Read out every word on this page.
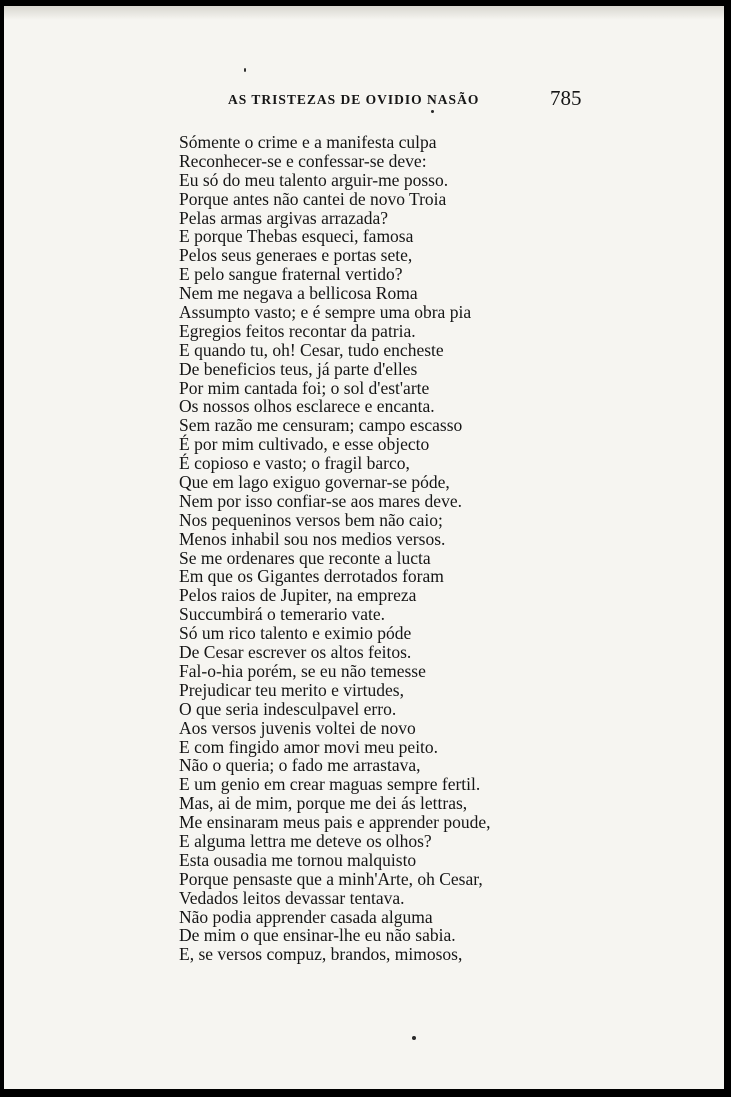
AS TRISTEZAS DE OVIDIO NASÃO	785
Sómente o crime e a manifesta culpa
Reconhecer-se e confessar-se deve:
Eu só do meu talento arguir-me posso.
Porque antes não cantei de novo Troia
Pelas armas argivas arrazada?
E porque Thebas esqueci, famosa
Pelos seus generaes e portas sete,
E pelo sangue fraternal vertido?
Nem me negava a bellicosa Roma
Assumpto vasto; e é sempre uma obra pia
Egregios feitos recontar da patria.
E quando tu, oh! Cesar, tudo encheste
De beneficios teus, já parte d'elles
Por mim cantada foi; o sol d'est'arte
Os nossos olhos esclarece e encanta.
Sem razão me censuram; campo escasso
É por mim cultivado, e esse objecto
É copioso e vasto; o fragil barco,
Que em lago exiguo governar-se póde,
Nem por isso confiar-se aos mares deve.
Nos pequeninos versos bem não caio;
Menos inhabil sou nos medios versos.
Se me ordenares que reconte a lucta
Em que os Gigantes derrotados foram
Pelos raios de Jupiter, na empreza
Succumbirá o temerario vate.
Só um rico talento e eximio póde
De Cesar escrever os altos feitos.
Fal-o-hia porém, se eu não temesse
Prejudicar teu merito e virtudes,
O que seria indesculpavel erro.
Aos versos juvenis voltei de novo
E com fingido amor movi meu peito.
Não o queria; o fado me arrastava,
E um genio em crear maguas sempre fertil.
Mas, ai de mim, porque me dei ás lettras,
Me ensinaram meus pais e apprender poude,
E alguma lettra me deteve os olhos?
Esta ousadia me tornou malquisto
Porque pensaste que a minh'Arte, oh Cesar,
Vedados leitos devassar tentava.
Não podia apprender casada alguma
De mim o que ensinar-lhe eu não sabia.
E, se versos compuz, brandos, mimosos,
